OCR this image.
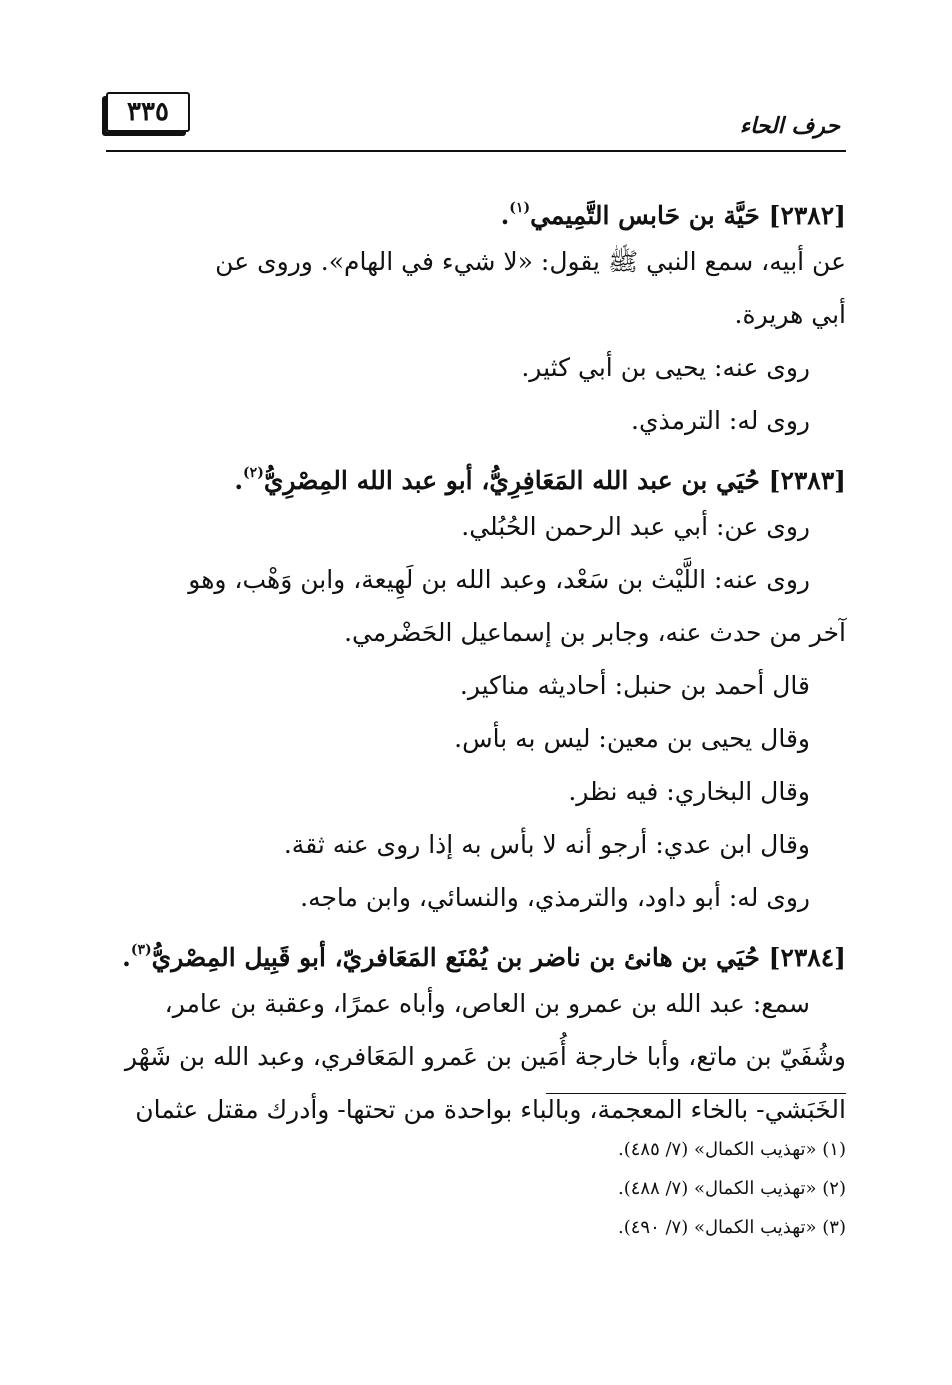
٣٣٥	حرف الحاء
[٢٣٨٢] حَيَّة بن حَابس التَّمِيمي$^{(١)}$.
عن أبيه، سمع النبي ﷺ يقول: «لا شيء في الهام». وروى عن
أبي هريرة.
روى عنه: يحيى بن أبي كثير.
روى له: الترمذي.
[٢٣٨٣] حُيَي بن عبد الله المَعَافِرِيُّ، أبو عبد الله المِصْرِيُّ$^{(٢)}$.
روى عن: أبي عبد الرحمن الحُبُلي.
روى عنه: اللَّيْث بن سَعْد، وعبد الله بن لَهِيعة، وابن وَهْب، وهو
آخر من حدث عنه، وجابر بن إسماعيل الحَضْرمي.
قال أحمد بن حنبل: أحاديثه مناكير.
وقال يحيى بن معين: ليس به بأس.
وقال البخاري: فيه نظر.
وقال ابن عدي: أرجو أنه لا بأس به إذا روى عنه ثقة.
روى له: أبو داود، والترمذي، والنسائي، وابن ماجه.
[٢٣٨٤] حُيَي بن هانئ بن ناضر بن يُمْنَع المَعَافريّ، أبو قَبِيل المِصْريُّ$^{(٣)}$.
سمع: عبد الله بن عمرو بن العاص، وأباه عمرًا، وعقبة بن عامر،
وشُفَيّ بن ماتع، وأبا خارجة أُمَين بن عَمرو المَعَافري، وعبد الله بن شَهْر
الخَبَشي- بالخاء المعجمة، وبالباء بواحدة من تحتها- وأدرك مقتل عثمان
(١) «تهذيب الكمال» (٧/ ٤٨٥).
(٢) «تهذيب الكمال» (٧/ ٤٨٨).
(٣) «تهذيب الكمال» (٧/ ٤٩٠).
